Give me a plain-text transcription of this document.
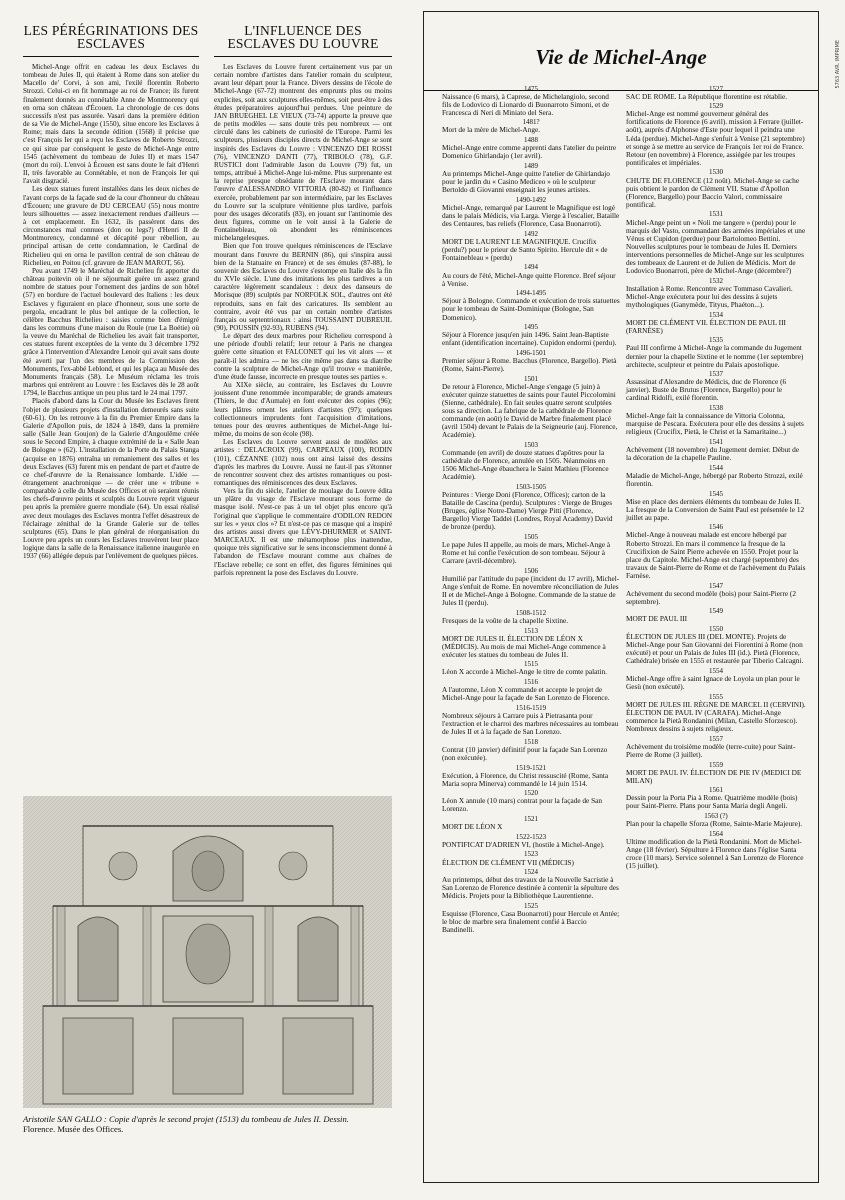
LES PÉRÉGRINATIONS DES ESCLAVES

Michel-Ange offrit en cadeau les deux Esclaves du tombeau de Jules II, qui étaient à Rome dans son atelier du Macello de' Corvi, à son ami, l'exilé florentin Roberto Strozzi. Celui-ci en fit hommage au roi de France; ils furent finalement donnés au connétable Anne de Montmorency qui en orna son château d'Écouen. La chronologie de ces dons successifs n'est pas assurée. Vasari dans la première édition de sa Vie de Michel-Ange (1550), situe encore les Esclaves à Rome; mais dans la seconde édition (1568) il précise que c'est François Ier qui a reçu les Esclaves de Roberto Strozzi, ce qui situe par conséquent le geste de Michel-Ange entre 1545 (achèvement du tombeau de Jules II) et mars 1547 (mort du roi). L'envoi à Écouen est sans doute le fait d'Henri II, très favorable au Connétable, et non de François Ier qui l'avait disgracié.

Les deux statues furent installées dans les deux niches de l'avant corps de la façade sud de la cour d'honneur du château d'Écouen; une gravure de DU CERCEAU (55) nous montre leurs silhouettes — assez inexactement rendues d'ailleurs — à cet emplacement. En 1632, ils passèrent dans des circonstances mal connues (don ou legs?) d'Henri II de Montmorency, condamné et décapité pour rébellion, au principal artisan de cette condamnation, le Cardinal de Richelieu qui en orna le pavillon central de son château de Richelieu, en Poitou (cf. gravure de JEAN MAROT, 56).

Peu avant 1749 le Maréchal de Richelieu fit apporter du château poitevin où il ne séjournait guère un assez grand nombre de statues pour l'ornement des jardins de son hôtel (57) en bordure de l'actuel boulevard des Italiens : les deux Esclaves y figuraient en place d'honneur, sous une sorte de pergola, encadrant le plus bel antique de la collection, le célèbre Bacchus Richelieu : saisies comme bien d'émigré dans les communs d'une maison du Roule (rue La Boétie) où la veuve du Maréchal de Richelieu les avait fait transporter, ces statues furent exceptées de la vente du 3 décembre 1792 grâce à l'intervention d'Alexandre Lenoir qui avait sans doute été averti par l'un des membres de la Commission des Monuments, l'ex-abbé Leblond, et qui les plaça au Musée des Monuments français (58). Le Muséum réclama les trois marbres qui entrèrent au Louvre : les Esclaves dès le 28 août 1794, le Bacchus antique un peu plus tard le 24 mai 1797.

Placés d'abord dans la Cour du Musée les Esclaves firent l'objet de plusieurs projets d'installation demeurés sans suite (60-61). On les retrouve à la fin du Premier Empire dans la Galerie d'Apollon puis, de 1824 à 1849, dans la première salle (Salle Jean Goujon) de la Galerie d'Angoulême créée sous le Second Empire, à chaque extrémité de la « Salle Jean de Bologne » (62). L'installation de la Porte du Palais Stanga (acquise en 1876) entraîna un remaniement des salles et les deux Esclaves (63) furent mis en pendant de part et d'autre de ce chef-d'œuvre de la Renaissance lombarde. L'idée — étrangement anachronique — de créer une « tribune » comparable à celle du Musée des Offices et où seraient réunis les chefs-d'œuvre peints et sculptés du Louvre reprit vigueur peu après la première guerre mondiale (64). Un essai réalisé avec deux moulages des Esclaves montra l'effet désastreux de l'éclairage zénithal de la Grande Galerie sur de telles sculptures (65). Dans le plan général de réorganisation du Louvre peu après un cours les Esclaves trouvèrent leur place logique dans la salle de la Renaissance italienne inaugurée en 1937 (66) allégée depuis par l'enlèvement de quelques pièces.

L'INFLUENCE DES ESCLAVES DU LOUVRE

Les Esclaves du Louvre furent certainement vus par un certain nombre d'artistes dans l'atelier romain du sculpteur, avant leur départ pour la France. Divers dessins de l'école de Michel-Ange (67-72) montrent des emprunts plus ou moins explicites, soit aux sculptures elles-mêmes, soit peut-être à des études préparatoires aujourd'hui perdues. Une peinture de JAN BRUEGHEL LE VIEUX (73-74) apporte la preuve que de petits modèles — sans doute très peu nombreux — ont circulé dans les cabinets de curiosité de l'Europe. Parmi les sculpteurs, plusieurs disciples directs de Michel-Ange se sont inspirés des Esclaves du Louvre : VINCENZO DEI ROSSI (76), VINCENZO DANTI (77), TRIBOLO (78), G.F. RUSTICI dont l'admirable Jason du Louvre (79) fut, un temps, attribué à Michel-Ange lui-même. Plus surprenante est la reprise presque obsédante de l'Esclave mourant dans l'œuvre d'ALESSANDRO VITTORIA (80-82) et l'influence exercée, probablement par son intermédiaire, par les Esclaves du Louvre sur la sculpture vénitienne plus tardive, parfois pour des usages décoratifs (83), en jouant sur l'antinomie des deux figures, comme on le voit aussi à la Galerie de Fontainebleau, où abondent les réminiscences michelangelesques.

Bien que l'on trouve quelques réminiscences de l'Esclave mourant dans l'œuvre du BERNIN (86), qui s'inspira aussi bien de la Statuaire en France) et de ses émules (87-88), le souvenir des Esclaves du Louvre s'estompe en Italie dès la fin du XVIe siècle. L'une des imitations les plus tardives a un caractère légèrement scandaleux : deux des danseurs de Morisque (89) sculptés par NORFOLK SOL, d'autres ont été reproduits, sans en fait des caricatures. Ils semblent au contraire, avoir été vus par un certain nombre d'artistes français ou septentrionaux : ainsi TOUSSAINT DUBREUIL (90), POUSSIN (92-93), RUBENS (94).

Le départ des deux marbres pour Richelieu correspond à une période d'oubli relatif; leur retour à Paris ne changea guère cette situation et FALCONET qui les vit alors — et paraît-il les admira — ne les cite même pas dans sa diatribe contre la sculpture de Michel-Ange qu'il trouve « manièrée, d'une étude fausse, incorrecte en presque toutes ses parties ».

Au XIXe siècle, au contraire, les Esclaves du Louvre jouissent d'une renommée incomparable; de grands amateurs (Thiers, le duc d'Aumale) en font exécuter des copies (96); leurs plâtres ornent les ateliers d'artistes (97); quelques collectionneurs imprudents font l'acquisition d'imitations, tenues pour des œuvres authentiques de Michel-Ange lui-même, du moins de son école (98).

Les Esclaves du Louvre servent aussi de modèles aux artistes : DELACROIX (99), CARPEAUX (100), RODIN (101), CÉZANNE (102) nous ont ainsi laissé des dessins d'après les marbres du Louvre. Aussi ne faut-il pas s'étonner de rencontrer souvent chez des artistes romantiques ou post-romantiques des réminiscences des deux Esclaves.

Vers la fin du siècle, l'atelier de moulage du Louvre édita un plâtre du visage de l'Esclave mourant sous forme de masque isolé. N'est-ce pas à un tel objet plus encore qu'à l'original que s'applique le commentaire d'ODILON REDON sur les « yeux clos »? Et n'est-ce pas ce masque qui a inspiré des artistes aussi divers que LÉVY-DHURMER et SAINT-MARCEAUX. Il est une métamorphose plus inattendue, quoique très significative sur le sens inconsciemment donné à l'abandon de l'Esclave mourant comme aux chaînes de l'Esclave rebelle; ce sont en effet, des figures féminines qui parfois reprennent la pose des Esclaves du Louvre.

Aristotile SAN GALLO : Copie d'après le second projet (1513) du tombeau de Jules II. Dessin.
Florence. Musée des Offices.
Vie de Michel-Ange
1475

Naissance (6 mars), à Caprese, de Michelangiolo, second fils de Lodovico di Lionardo di Buonarroto Simoni, et de Francesca di Neri di Miniato del Sera.

1481?

Mort de la mère de Michel-Ange.

1488

Michel-Ange entre comme apprenti dans l'atelier du peintre Domenico Ghirlandajo (1er avril).

1489

Au printemps Michel-Ange quitte l'atelier de Ghirlandajo pour le jardin du « Casino Mediceo » où le sculpteur Bertoldo di Giovanni enseignait les jeunes artistes.

1490-1492

Michel-Ange, remarqué par Laurent le Magnifique est logé dans le palais Médicis, via Larga. Vierge à l'escalier, Bataille des Centaures, bas reliefs (Florence, Casa Buonarroti).

1492

MORT DE LAURENT LE MAGNIFIQUE. Crucifix (perdu?) pour le prieur de Santo Spirito. Hercule dit « de Fontainebleau » (perdu)

1494

Au cours de l'été, Michel-Ange quitte Florence. Bref séjour à Venise.

1494-1495

Séjour à Bologne. Commande et exécution de trois statuettes pour le tombeau de Saint-Dominique (Bologne, San Domenico).

1495

Séjour à Florence jusqu'en juin 1496. Saint Jean-Baptiste enfant (identification incertaine). Cupidon endormi (perdu).

1496-1501

Premier séjour à Rome. Bacchus (Florence, Bargello). Pietà (Rome, Saint-Pierre).

1501

De retour à Florence, Michel-Ange s'engage (5 juin) à exécuter quinze statuettes de saints pour l'autel Piccolomini (Sienne, cathédrale). En fait seules quatre seront sculptées sous sa direction. La fabrique de la cathédrale de Florence commande (en août) le David de Marbre finalement placé (avril 1504) devant le Palais de la Seigneurie (auj. Florence, Académie).

1503

Commande (en avril) de douze statues d'apôtres pour la cathédrale de Florence, annulée en 1505. Néanmoins en 1506 Michel-Ange ébauchera le Saint Mathieu (Florence Académie).

1503-1505

Peintures : Vierge Doni (Florence, Offices); carton de la Bataille de Cascina (perdu). Sculptures : Vierge de Bruges (Bruges, église Notre-Dame) Vierge Pitti (Florence, Bargello) Vierge Taddei (Londres, Royal Academy) David de bronze (perdu).

1505

Le pape Jules II appelle, au mois de mars, Michel-Ange à Rome et lui confie l'exécution de son tombeau. Séjour à Carrare (avril-décembre).

1506

Humilié par l'attitude du pape (incident du 17 avril), Michel-Ange s'enfuit de Rome. En novembre réconciliation de Jules II et de Michel-Ange à Bologne. Commande de la statue de Jules II (perdu).

1508-1512

Fresques de la voûte de la chapelle Sixtine.

1513

MORT DE JULES II. ÉLECTION DE LÉON X (MÉDICIS). Au mois de mai Michel-Ange commence à exécuter les statues du tombeau de Jules II.

1515

Léon X accorde à Michel-Ange le titre de comte palatin.

1516

A l'automne, Léon X commande et accepte le projet de Michel-Ange pour la façade de San Lorenzo de Florence.

1516-1519

Nombreux séjours à Carrare puis à Pietrasanta pour l'extraction et le charroi des marbres nécessaires au tombeau de Jules II et à la façade de San Lorenzo.

1518

Contrat (10 janvier) définitif pour la façade San Lorenzo (non exécutée).

1519-1521

Exécution, à Florence, du Christ ressuscité (Rome, Santa Maria sopra Minerva) commandé le 14 juin 1514.

1520

Léon X annule (10 mars) contrat pour la façade de San Lorenzo.

1521

MORT DE LÉON X

1522-1523

PONTIFICAT D'ADRIEN VI, (hostile à Michel-Ange).

1523

ÉLECTION DE CLÉMENT VII (MÉDICIS)

1524

Au printemps, début des travaux de la Nouvelle Sacristie à San Lorenzo de Florence destinée à contenir la sépulture des Médicis. Projets pour la Bibliothèque Laurentienne.

1525

Esquisse (Florence, Casa Buonarroti) pour Hercule et Antée; le bloc de marbre sera finalement confié à Baccio Bandinelli.

1527

SAC DE ROME. La République florentine est rétablie.

1529

Michel-Ange est nommé gouverneur général des fortifications de Florence (6 avril). mission à Ferrare (juillet-août), auprès d'Alphonse d'Este pour lequel il peindra une Léda (perdue). Michel-Ange s'enfuit à Venise (21 septembre) et songe à se mettre au service de François 1er roi de France. Retour (en novembre) à Florence, assiégée par les troupes pontificales et impériales.

1530

CHUTE DE FLORENCE (12 noût). Michel-Ange se cache puis obtient le pardon de Clément VII. Statue d'Apollon (Florence, Bargello) pour Baccio Valori, commissaire pontifical.

1531

Michel-Ange peint un « Noli me tangere » (perdu) pour le marquis del Vasto, commandant des armées impériales et une Vénus et Cupidon (perdue) pour Bartolomeo Bettini. Nouvelles sculptures pour le tombeau de Jules II. Derniers interventions personnelles de Michel-Ange sur les sculptures des tombeaux de Laurent et de Julien de Médicis. Mort de Lodovico Buonarroti, père de Michel-Ange (décembre?)

1532

Installation à Rome. Rencontre avec Tommaso Cavalieri. Michel-Ange exécutera pour lui des dessins à sujets mythologiques (Ganymède, Tityus, Phaéton...).

1534

MORT DE CLÉMENT VII. ÉLECTION DE PAUL III (FARNÈSE)

1535

Paul III confirme à Michel-Ange la commande du Jugement dernier pour la chapelle Sixtine et le nomme (1er septembre) architecte, sculpteur et peintre du Palais apostolique.

1537

Assassinat d'Alexandre de Médicis, duc de Florence (6 janvier). Buste de Brutus (Florence, Bargello) pour le cardinal Ridolfi, exilé florentin.

1538

Michel-Ange fait la connaissance de Vittoria Colonna, marquise de Pescara. Exécutera pour elle des dessins à sujets religieux (Crucifix, Pietà, le Christ et la Samaritaine...)

1541

Achèvement (18 novembre) du Jugement dernier. Début de la décoration de la chapelle Pauline.

1544

Maladie de Michel-Ange, hébergé par Roberto Strozzi, exilé florentin.

1545

Mise en place des derniers éléments du tombeau de Jules II. La fresque de la Conversion de Saint Paul est présentée le 12 juillet au pape.

1546

Michel-Ange à nouveau malade est encore hébergé par Roberto Strozzi. En mars il commence la fresque de la Crucifixion de Saint Pierre achevée en 1550. Projet pour la place du Capitole. Michel-Ange est chargé (septembre) des travaux de Saint-Pierre de Rome et de l'achèvement du Palais Farnèse.

1547

Achèvement du second modèle (bois) pour Saint-Pierre (2 septembre).

1549

MORT DE PAUL III

1550

ÉLECTION DE JULES III (DEL MONTE). Projets de Michel-Ange pour San Giovanni dei Fiorentini à Rome (non exécuté) et pour un Palais de Jules III (id.). Pietà (Florence, Cathédrale) brisée en 1555 et restaurée par Tiberio Calcagni.

1554

Michel-Ange offre à saint Ignace de Loyola un plan pour le Gesù (non exécuté).

1555

MORT DE JULES III. RÈGNE DE MARCEL II (CERVINI). ÉLECTION DE PAUL IV (CARAFA). Michel-Ange commence la Pietà Rondanini (Milan, Castello Sforzesco). Nombreux dessins à sujets religieux.

1557

Achèvement du troisième modèle (terre-cuite) pour Saint-Pierre de Rome (3 juillet).

1559

MORT DE PAUL IV. ÉLECTION DE PIE IV (MEDICI DE MILAN)

1561

Dessin pour la Porta Pia à Rome. Quatrième modèle (bois) pour Saint-Pierre. Plans pour Santa Maria degli Angeli.

1563 (?)

Plan pour la chapelle Sforza (Rome, Sainte-Marie Majeure).

1564

Ultime modification de la Pietà Rondanini. Mort de Michel-Ange (18 février). Sépulture à Florence dans l'église Santa croce (10 mars). Service solennel à San Lorenzo de Florence (15 juillet).

5763 AVR. IMPRIME
